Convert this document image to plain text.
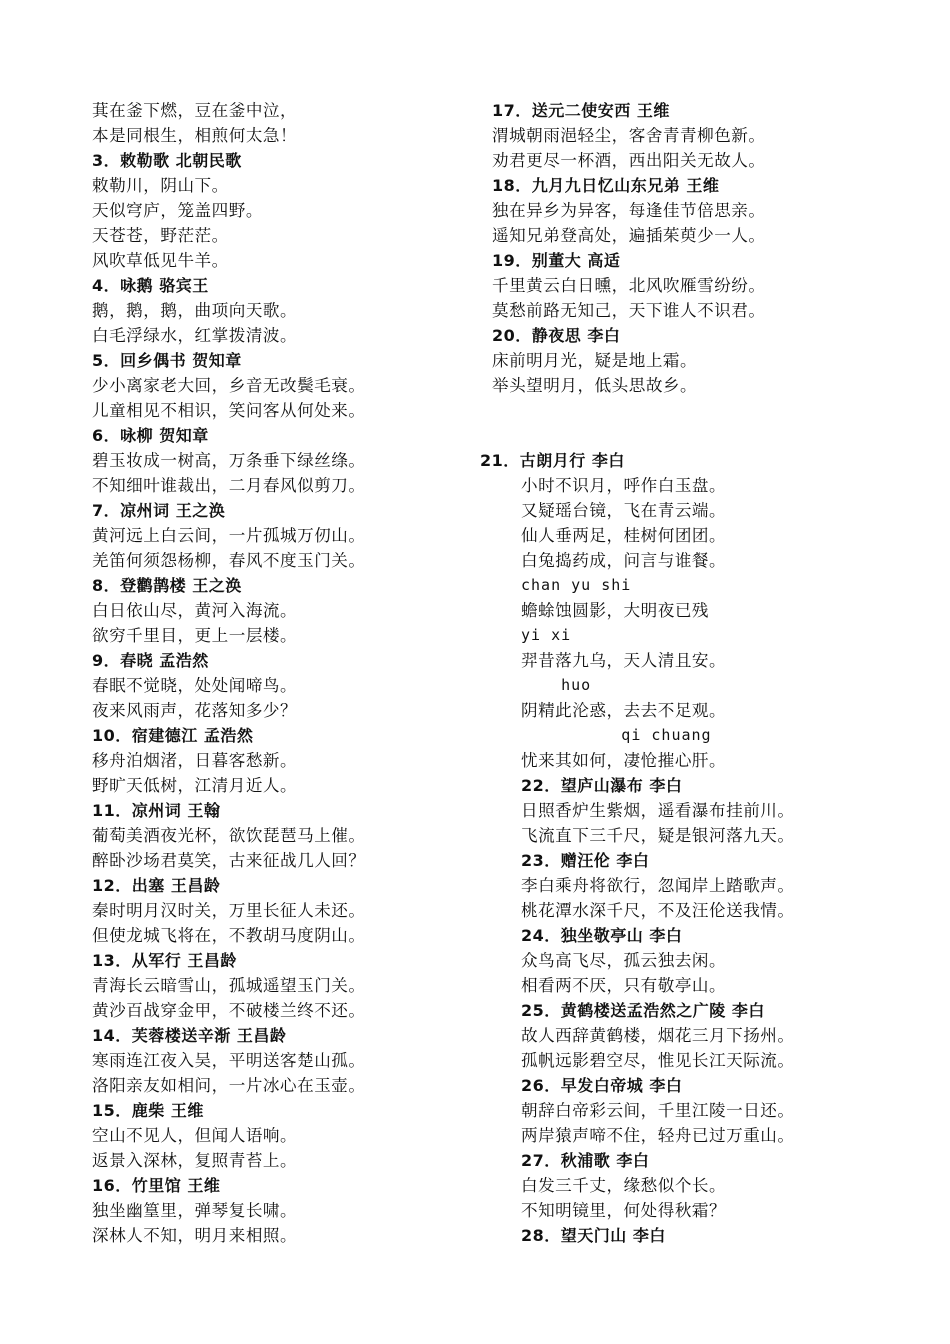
萁在釜下燃，豆在釜中泣，
本是同根生，相煎何太急！
3．敕勒歌 北朝民歌
敕勒川，阴山下。
天似穹庐，笼盖四野。
天苍苍，野茫茫。
风吹草低见牛羊。
4．咏鹅 骆宾王
鹅，鹅，鹅，曲项向天歌。
白毛浮绿水，红掌拨清波。
5．回乡偶书 贺知章
少小离家老大回，乡音无改鬓毛衰。
儿童相见不相识，笑问客从何处来。
6．咏柳 贺知章
碧玉妆成一树高，万条垂下绿丝绦。
不知细叶谁裁出，二月春风似剪刀。
7．凉州词 王之涣
黄河远上白云间，一片孤城万仞山。
羌笛何须怨杨柳，春风不度玉门关。
8．登鹳鹊楼 王之涣
白日依山尽，黄河入海流。
欲穷千里目，更上一层楼。
9．春晓 孟浩然
春眠不觉晓，处处闻啼鸟。
夜来风雨声，花落知多少？
10．宿建德江 孟浩然
移舟泊烟渚，日暮客愁新。
野旷天低树，江清月近人。
11．凉州词 王翰
葡萄美酒夜光杯，欲饮琵琶马上催。
醉卧沙场君莫笑，古来征战几人回？
12．出塞 王昌龄
秦时明月汉时关，万里长征人未还。
但使龙城飞将在，不教胡马度阴山。
13．从军行 王昌龄
青海长云暗雪山，孤城遥望玉门关。
黄沙百战穿金甲，不破楼兰终不还。
14．芙蓉楼送辛渐 王昌龄
寒雨连江夜入吴，平明送客楚山孤。
洛阳亲友如相问，一片冰心在玉壶。
15．鹿柴 王维
空山不见人，但闻人语响。
返景入深林，复照青苔上。
16．竹里馆 王维
独坐幽篁里，弹琴复长啸。
深林人不知，明月来相照。
17．送元二使安西 王维
渭城朝雨浥轻尘，客舍青青柳色新。
劝君更尽一杯酒，西出阳关无故人。
18．九月九日忆山东兄弟 王维
独在异乡为异客，每逢佳节倍思亲。
遥知兄弟登高处，遍插茱萸少一人。
19．别董大 高适
千里黄云白日曛，北风吹雁雪纷纷。
莫愁前路无知己，天下谁人不识君。
20．静夜思 李白
床前明月光，疑是地上霜。
举头望明月，低头思故乡。
21．古朗月行 李白
小时不识月，呼作白玉盘。
又疑瑶台镜，飞在青云端。
仙人垂两足，桂树何团团。
白兔捣药成，问言与谁餐。
chan yu shi
蟾蜍蚀圆影，大明夜已残
yi xi
羿昔落九乌，天人清且安。
huo
阴精此沦惑，去去不足观。
qi chuang
忧来其如何，凄怆摧心肝。
22．望庐山瀑布 李白
日照香炉生紫烟，遥看瀑布挂前川。
飞流直下三千尺，疑是银河落九天。
23．赠汪伦 李白
李白乘舟将欲行，忽闻岸上踏歌声。
桃花潭水深千尺，不及汪伦送我情。
24．独坐敬亭山 李白
众鸟高飞尽，孤云独去闲。
相看两不厌，只有敬亭山。
25．黄鹤楼送孟浩然之广陵 李白
故人西辞黄鹤楼，烟花三月下扬州。
孤帆远影碧空尽，惟见长江天际流。
26．早发白帝城 李白
朝辞白帝彩云间，千里江陵一日还。
两岸猿声啼不住，轻舟已过万重山。
27．秋浦歌 李白
白发三千丈，缘愁似个长。
不知明镜里，何处得秋霜？
28．望天门山 李白
